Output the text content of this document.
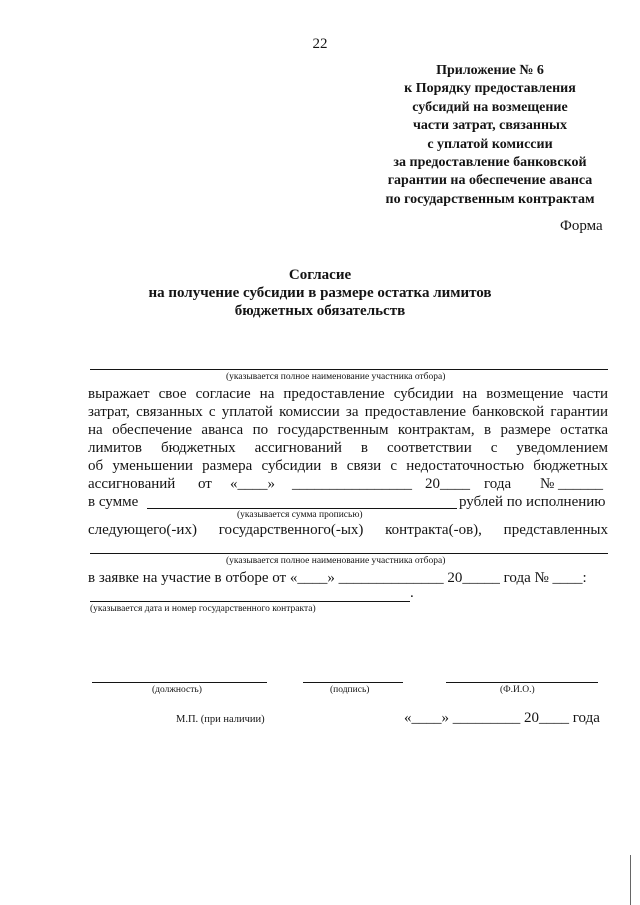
22
Приложение № 6
к Порядку предоставления
субсидий на возмещение
части затрат, связанных
с уплатой комиссии
за предоставление банковской
гарантии на обеспечение аванса
по государственным контрактам
Форма
Согласие
на получение субсидии в размере остатка лимитов
бюджетных обязательств
(указывается полное наименование участника отбора)
выражает свое согласие на предоставление субсидии на возмещение части
затрат, связанных с уплатой комиссии за предоставление банковской гарантии
на обеспечение аванса по государственным контрактам, в размере остатка
лимитов бюджетных ассигнований в соответствии с уведомлением
об уменьшении размера субсидии в связи с недостаточностью бюджетных
ассигнований от «____» ________________ 20____ года № ______
в сумме	рублей по исполнению
(указывается сумма прописью)
следующего(-их) государственного(-ых) контракта(-ов), представленных
(указывается полное наименование участника отбора)
в заявке на участие в отборе от «____» ______________ 20_____ года № ____:
.
(указывается дата и номер государственного контракта)
(должность)	(подпись)	(Ф.И.О.)
М.П. (при наличии)	«____» _________ 20____ года
